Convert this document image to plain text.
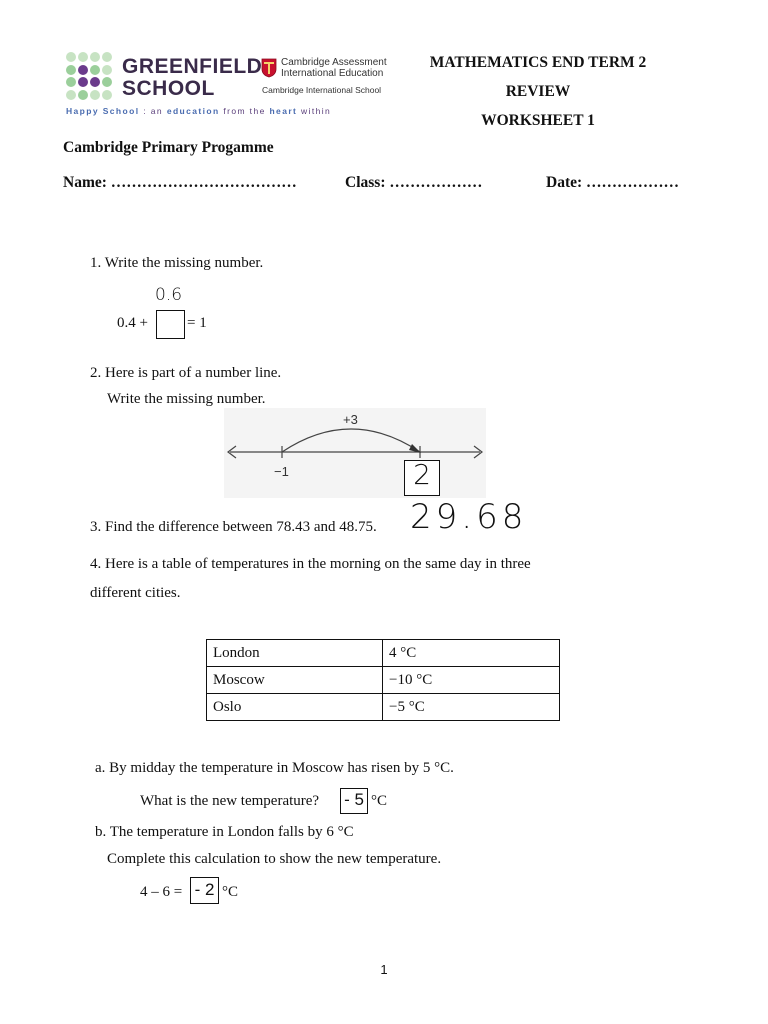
GREENFIELD
SCHOOL
Cambridge Assessment
International Education
Cambridge International School
Happy School : an education from the heart within
MATHEMATICS END TERM 2
REVIEW
WORKSHEET 1
Cambridge Primary Progamme
Name: ………………………………	Class: ………………	Date: ………………
1. Write the missing number.
0.6
0.4 +	= 1
2. Here is part of a number line.
Write the missing number.
+3
−1	2
3. Find the difference between 78.43 and 48.75. 29.68
4. Here is a table of temperatures in the morning on the same day in three
different cities.
London	4 °C
Moscow	−10 °C
Oslo	−5 °C
a. By midday the temperature in Moscow has risen by 5 °C.
What is the new temperature? - 5 °C
b. The temperature in London falls by 6 °C
Complete this calculation to show the new temperature.
4 – 6 = - 2 °C
1
